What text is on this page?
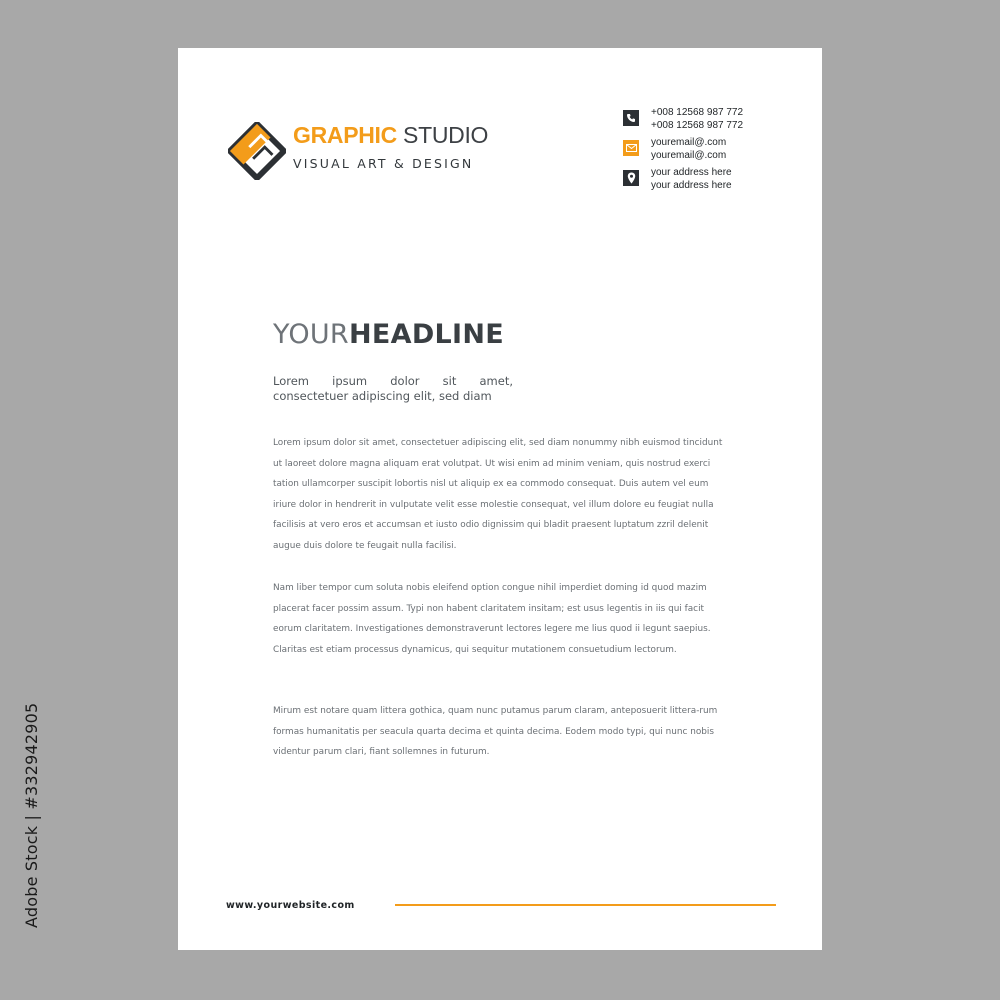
GRAPHIC STUDIO
VISUAL ART & DESIGN
+008 12568 987 772
+008 12568 987 772
youremail@.com
youremail@.com
your address here
your address here
YOURHEADLINE
Lorem ipsum dolor sit amet, consectetuer adipiscing elit, sed diam

Lorem ipsum dolor sit amet, consectetuer adipiscing elit, sed diam nonummy nibh euismod tincidunt ut laoreet dolore magna aliquam erat volutpat. Ut wisi enim ad minim veniam, quis nostrud exerci tation ullamcorper suscipit lobortis nisl ut aliquip ex ea commodo consequat. Duis autem vel eum iriure dolor in hendrerit in vulputate velit esse molestie consequat, vel illum dolore eu feugiat nulla facilisis at vero eros et accumsan et iusto odio dignissim qui bladit praesent luptatum zzril delenit augue duis dolore te feugait nulla facilisi.

Nam liber tempor cum soluta nobis eleifend option congue nihil imperdiet doming id quod mazim placerat facer possim assum. Typi non habent claritatem insitam; est usus legentis in iis qui facit eorum claritatem. Investigationes demonstraverunt lectores legere me lius quod ii legunt saepius. Claritas est etiam processus dynamicus, qui sequitur mutationem consuetudium lectorum.

Mirum est notare quam littera gothica, quam nunc putamus parum claram, anteposuerit littera-rum formas humanitatis per seacula quarta decima et quinta decima. Eodem modo typi, qui nunc nobis videntur parum clari, fiant sollemnes in futurum.

www.yourwebsite.com
Adobe Stock | #332942905
